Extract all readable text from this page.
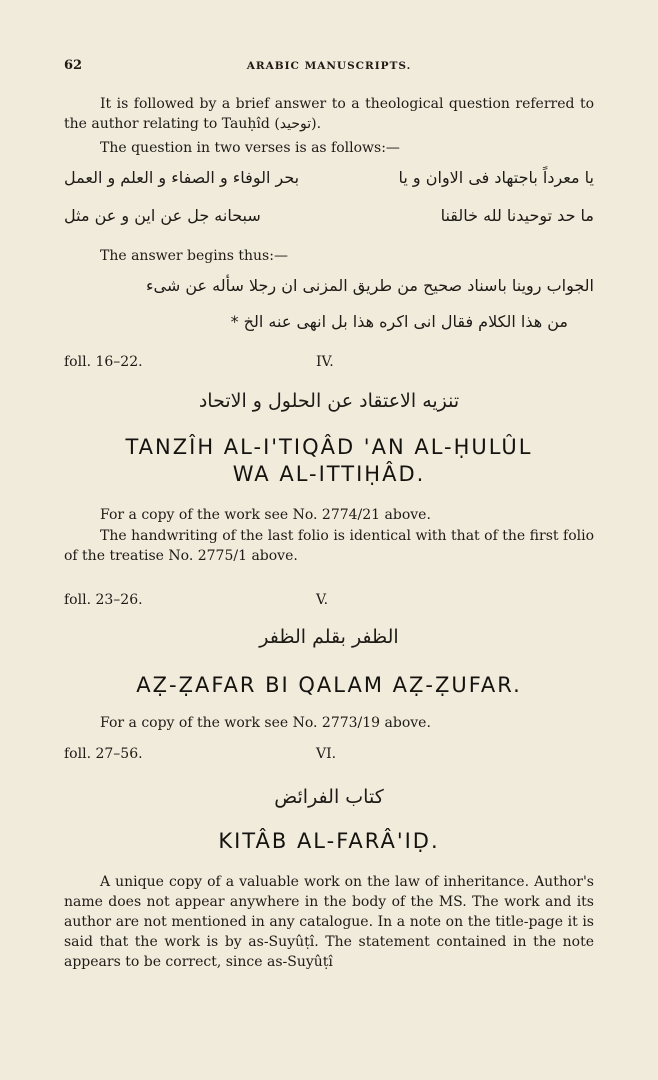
62	ARABIC MANUSCRIPTS.
It is followed by a brief answer to a theological question referred to the author relating to Tauḥîd (توحيد).
The question in two verses is as follows:—
يا معرداً باجتهاد فی الاوان و یا
بحر الوفاء و الصفاء و العلم و العمل
ما حد توحيدنا لله خالقنا
سبحانه جل عن اين و عن مثل
The answer begins thus:—
الجواب روينا باسناد صحيح من طريق المزنى ان رجلا سأله عن شیء
من هذا الكلام فقال انی اكره هذا بل انهی عنه الخ *
foll. 16–22.	IV.
تنزيه الاعتقاد عن الحلول و الاتحاد
TANZÎH AL-I'TIQÂD 'AN AL-ḤULÛL
WA AL-ITTIḤÂD.
For a copy of the work see No. 2774/21 above.
The handwriting of the last folio is identical with that of the first folio of the treatise No. 2775/1 above.
foll. 23–26.	V.
الظفر بقلم الظفر
AẒ-ẒAFAR BI QALAM AẒ-ẒUFAR.
For a copy of the work see No. 2773/19 above.
foll. 27–56.	VI.
كتاب الفرائض
KITÂB AL-FARÂ'IḌ.
A unique copy of a valuable work on the law of inheritance. Author's name does not appear anywhere in the body of the MS. The work and its author are not mentioned in any catalogue. In a note on the title-page it is said that the work is by as-Suyûṭî. The statement contained in the note appears to be correct, since as-Suyûṭî
